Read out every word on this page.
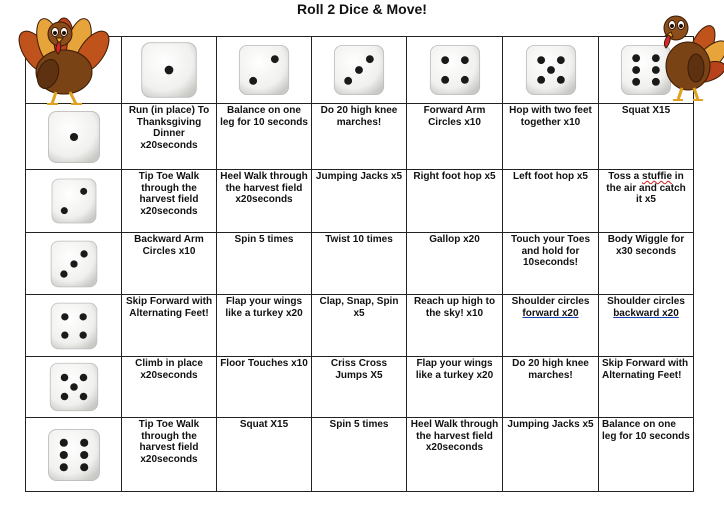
Roll 2 Dice & Move!

Run (in place) To Thanksgiving Dinner x20seconds	Balance on one leg for 10 seconds	Do 20 high knee marches!	Forward Arm Circles x10	Hop with two feet together x10	Squat X15

Tip Toe Walk through the harvest field x20seconds	Heel Walk through the harvest field x20seconds	Jumping Jacks x5	Right foot hop x5	Left foot hop x5	Toss a stuffie in the air and catch it x5

Backward Arm Circles x10	Spin 5 times	Twist 10 times	Gallop x20	Touch your Toes and hold for 10seconds!	Body Wiggle for x30 seconds

Skip Forward with Alternating Feet!	Flap your wings like a turkey x20	Clap, Snap, Spin x5	Reach up high to the sky! x10	Shoulder circles forward x20	Shoulder circles backward x20

Climb in place x20seconds	Floor Touches x10	Criss Cross Jumps X5	Flap your wings like a turkey x20	Do 20 high knee marches!	Skip Forward with Alternating Feet!

Tip Toe Walk through the harvest field x20seconds	Squat X15	Spin 5 times	Heel Walk through the harvest field x20seconds	Jumping Jacks x5	Balance on one leg for 10 seconds
